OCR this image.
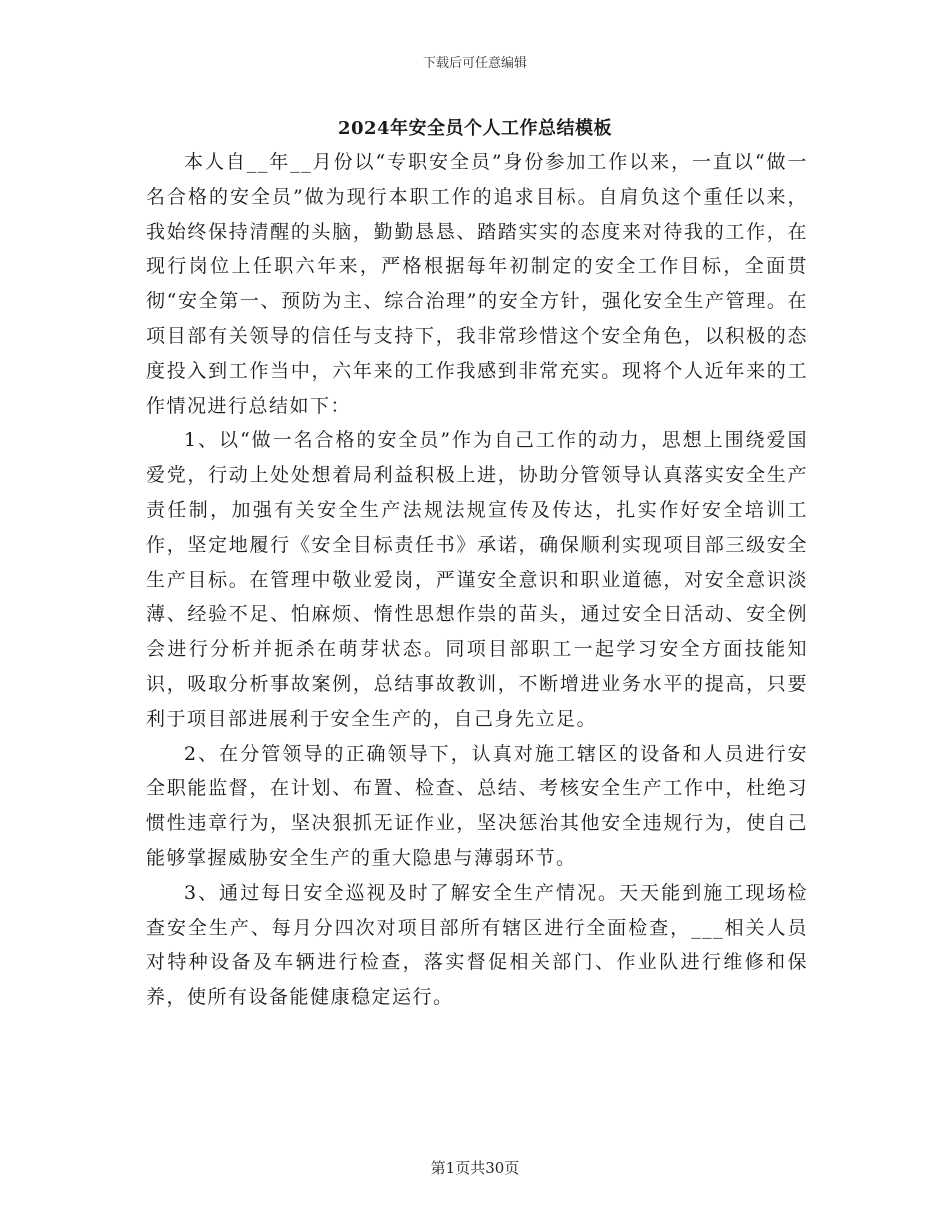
下载后可任意编辑
2024年安全员个人工作总结模板

本人自__年__月份以“专职安全员”身份参加工作以来，一直以“做一名合格的安全员”做为现行本职工作的追求目标。自肩负这个重任以来，我始终保持清醒的头脑，勤勤恳恳、踏踏实实的态度来对待我的工作，在现行岗位上任职六年来，严格根据每年初制定的安全工作目标，全面贯彻“安全第一、预防为主、综合治理”的安全方针，强化安全生产管理。在项目部有关领导的信任与支持下，我非常珍惜这个安全角色，以积极的态度投入到工作当中，六年来的工作我感到非常充实。现将个人近年来的工作情况进行总结如下：

1、以“做一名合格的安全员”作为自己工作的动力，思想上围绕爱国爱党，行动上处处想着局利益积极上进，协助分管领导认真落实安全生产责任制，加强有关安全生产法规法规宣传及传达，扎实作好安全培训工作，坚定地履行《安全目标责任书》承诺，确保顺利实现项目部三级安全生产目标。在管理中敬业爱岗，严谨安全意识和职业道德，对安全意识淡薄、经验不足、怕麻烦、惰性思想作祟的苗头，通过安全日活动、安全例会进行分析并扼杀在萌芽状态。同项目部职工一起学习安全方面技能知识，吸取分析事故案例，总结事故教训，不断增进业务水平的提高，只要利于项目部进展利于安全生产的，自己身先立足。

2、在分管领导的正确领导下，认真对施工辖区的设备和人员进行安全职能监督，在计划、布置、检查、总结、考核安全生产工作中，杜绝习惯性违章行为，坚决狠抓无证作业，坚决惩治其他安全违规行为，使自己能够掌握威胁安全生产的重大隐患与薄弱环节。

3、通过每日安全巡视及时了解安全生产情况。天天能到施工现场检查安全生产、每月分四次对项目部所有辖区进行全面检查，___相关人员对特种设备及车辆进行检查，落实督促相关部门、作业队进行维修和保养，使所有设备能健康稳定运行。

第1页共30页
